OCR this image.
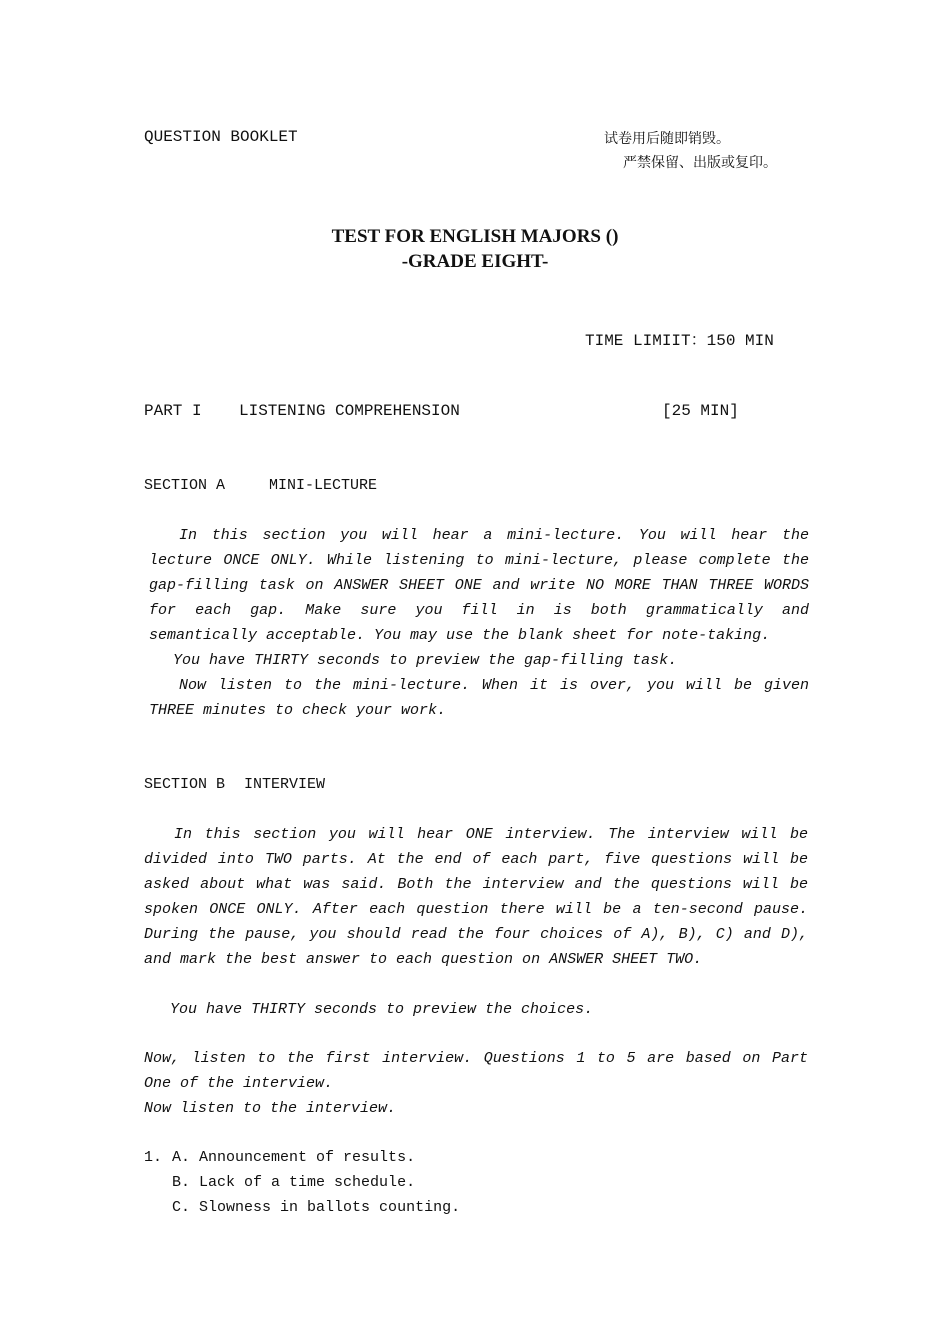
QUESTION BOOKLET	试卷用后随即销毁。
严禁保留、出版或复印。
TEST FOR ENGLISH MAJORS ()
-GRADE EIGHT-
TIME LIMIIT：150 MIN
PART I LISTENING COMPREHENSION	[25 MIN]
SECTION A	MINI-LECTURE

In this section you will hear a mini-lecture. You will hear the lecture ONCE ONLY. While listening to mini-lecture, please complete the gap-filling task on ANSWER SHEET ONE and write NO MORE THAN THREE WORDS for each gap. Make sure you fill in is both grammatically and semantically acceptable. You may use the blank sheet for note-taking.

You have THIRTY seconds to preview the gap-filling task.

Now listen to the mini-lecture. When it is over, you will be given THREE minutes to check your work.

SECTION B INTERVIEW

In this section you will hear ONE interview. The interview will be divided into TWO parts. At the end of each part, five questions will be asked about what was said. Both the interview and the questions will be spoken ONCE ONLY. After each question there will be a ten-second pause. During the pause, you should read the four choices of A), B), C) and D), and mark the best answer to each question on ANSWER SHEET TWO.

You have THIRTY seconds to preview the choices.

Now, listen to the first interview. Questions 1 to 5 are based on Part One of the interview.

Now listen to the interview.

1. A. Announcement of results.
B. Lack of a time schedule.
C. Slowness in ballots counting.
